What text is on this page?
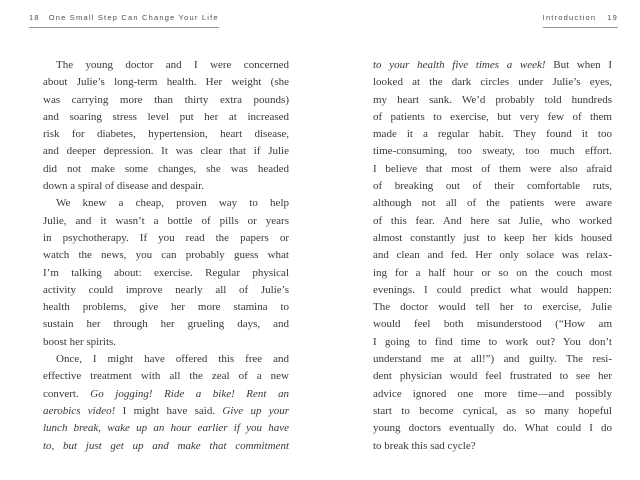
18 One Small Step Can Change Your Life	Introduction 19
The young doctor and I were concerned
about Julie’s long-term health. Her weight (she
was carrying more than thirty extra pounds)
and soaring stress level put her at increased
risk for diabetes, hypertension, heart disease,
and deeper depression. It was clear that if Julie
did not make some changes, she was headed
down a spiral of disease and despair.
We knew a cheap, proven way to help
Julie, and it wasn’t a bottle of pills or years
in psychotherapy. If you read the papers or
watch the news, you can probably guess what
I’m talking about: exercise. Regular physical
activity could improve nearly all of Julie’s
health problems, give her more stamina to
sustain her through her grueling days, and
boost her spirits.
Once, I might have offered this free and
effective treatment with all the zeal of a new
convert. Go jogging! Ride a bike! Rent an
aerobics video! I might have said. Give up your
lunch break, wake up an hour earlier if you have
to, but just get up and make that commitment
to your health five times a week! But when I
looked at the dark circles under Julie’s eyes,
my heart sank. We’d probably told hundreds
of patients to exercise, but very few of them
made it a regular habit. They found it too
time-consuming, too sweaty, too much effort.
I believe that most of them were also afraid
of breaking out of their comfortable ruts,
although not all of the patients were aware
of this fear. And here sat Julie, who worked
almost constantly just to keep her kids housed
and clean and fed. Her only solace was relax-
ing for a half hour or so on the couch most
evenings. I could predict what would happen:
The doctor would tell her to exercise, Julie
would feel both misunderstood (“How am
I going to find time to work out? You don’t
understand me at all!”) and guilty. The resi-
dent physician would feel frustrated to see her
advice ignored one more time—and possibly
start to become cynical, as so many hopeful
young doctors eventually do. What could I do
to break this sad cycle?
